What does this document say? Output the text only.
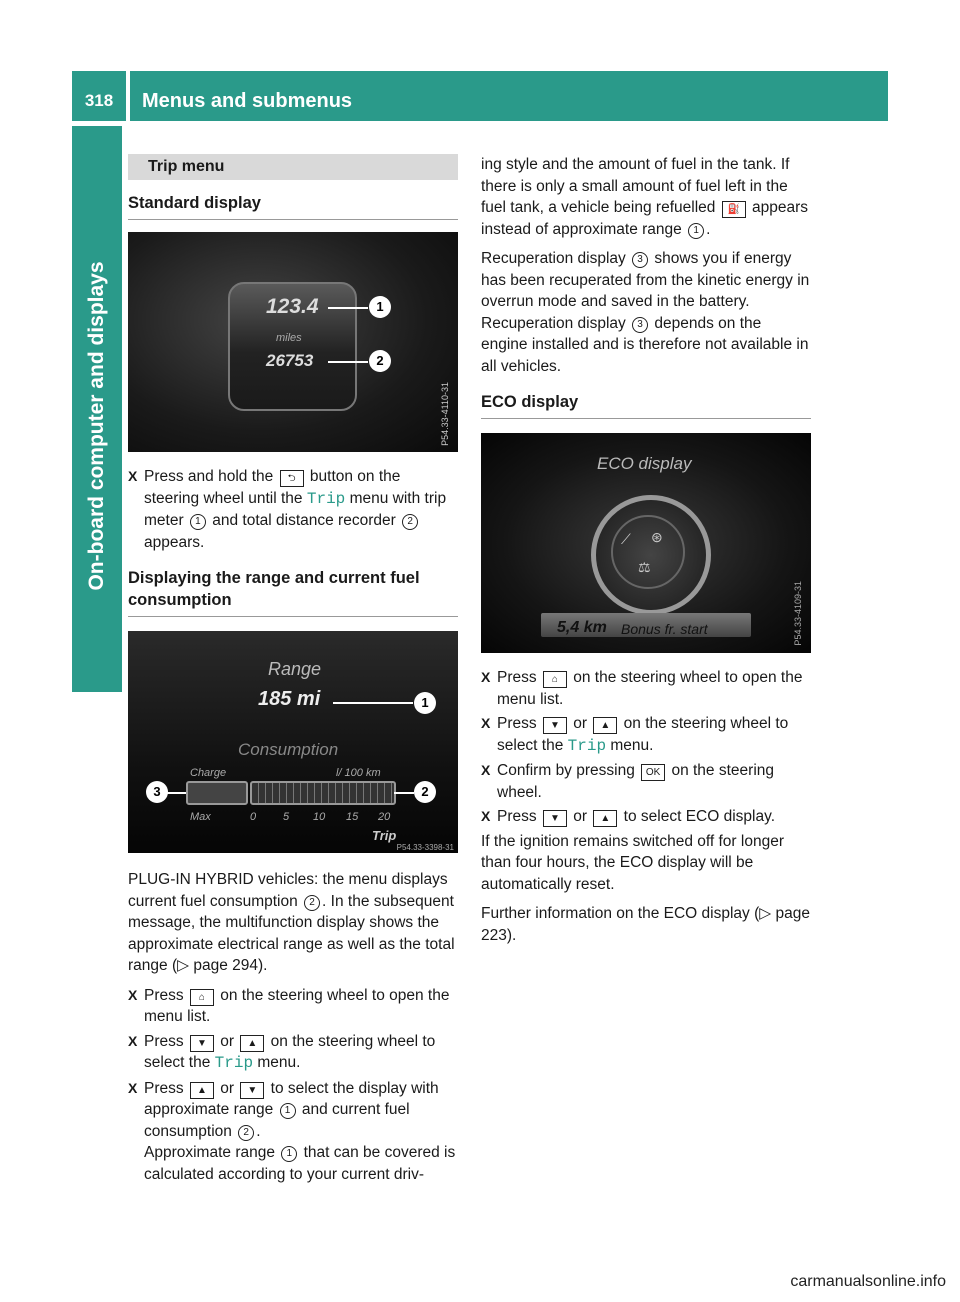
318	Menus and submenus
On-board computer and displays
Trip menu
Standard display
123.4
miles
26753
1
2
P54.33-4110-31
X Press and hold the ⮌ button on the steering wheel until the Trip menu with trip meter 1 and total distance recorder 2 appears.
Displaying the range and current fuel consumption
Range
185 mi	1
Consumption
Charge	l/ 100 km
3	2
Max	0 5 10 15 20
Trip
P54.33-3398-31

PLUG-IN HYBRID vehicles: the menu displays current fuel consumption 2 . In the subsequent message, the multifunction display shows the approximate electrical range as well as the total range (▷ page 294).

X Press ⌂ on the steering wheel to open the menu list.
X Press ▼ or ▲ on the steering wheel to select the Trip menu.
X Press ▲ or ▼ to select the display with approximate range 1 and current fuel consumption 2 .
Approximate range 1 that can be covered is calculated according to your current driv-

ing style and the amount of fuel in the tank. If there is only a small amount of fuel left in the fuel tank, a vehicle being refuelled ⛽ appears instead of approximate range 1 .

Recuperation display 3 shows you if energy has been recuperated from the kinetic energy in overrun mode and saved in the battery. Recuperation display 3 depends on the engine installed and is therefore not available in all vehicles.

ECO display
ECO display
⟋ ⊛
⚖
5,4 km Bonus fr. start	P54.33-4109-31
X Press ⌂ on the steering wheel to open the menu list.
X Press ▼ or ▲ on the steering wheel to select the Trip menu.
X Confirm by pressing OK on the steering wheel.
X Press ▼ or ▲ to select ECO display.

If the ignition remains switched off for longer than four hours, the ECO display will be automatically reset.

Further information on the ECO display (▷ page 223).

carmanualsonline.info
